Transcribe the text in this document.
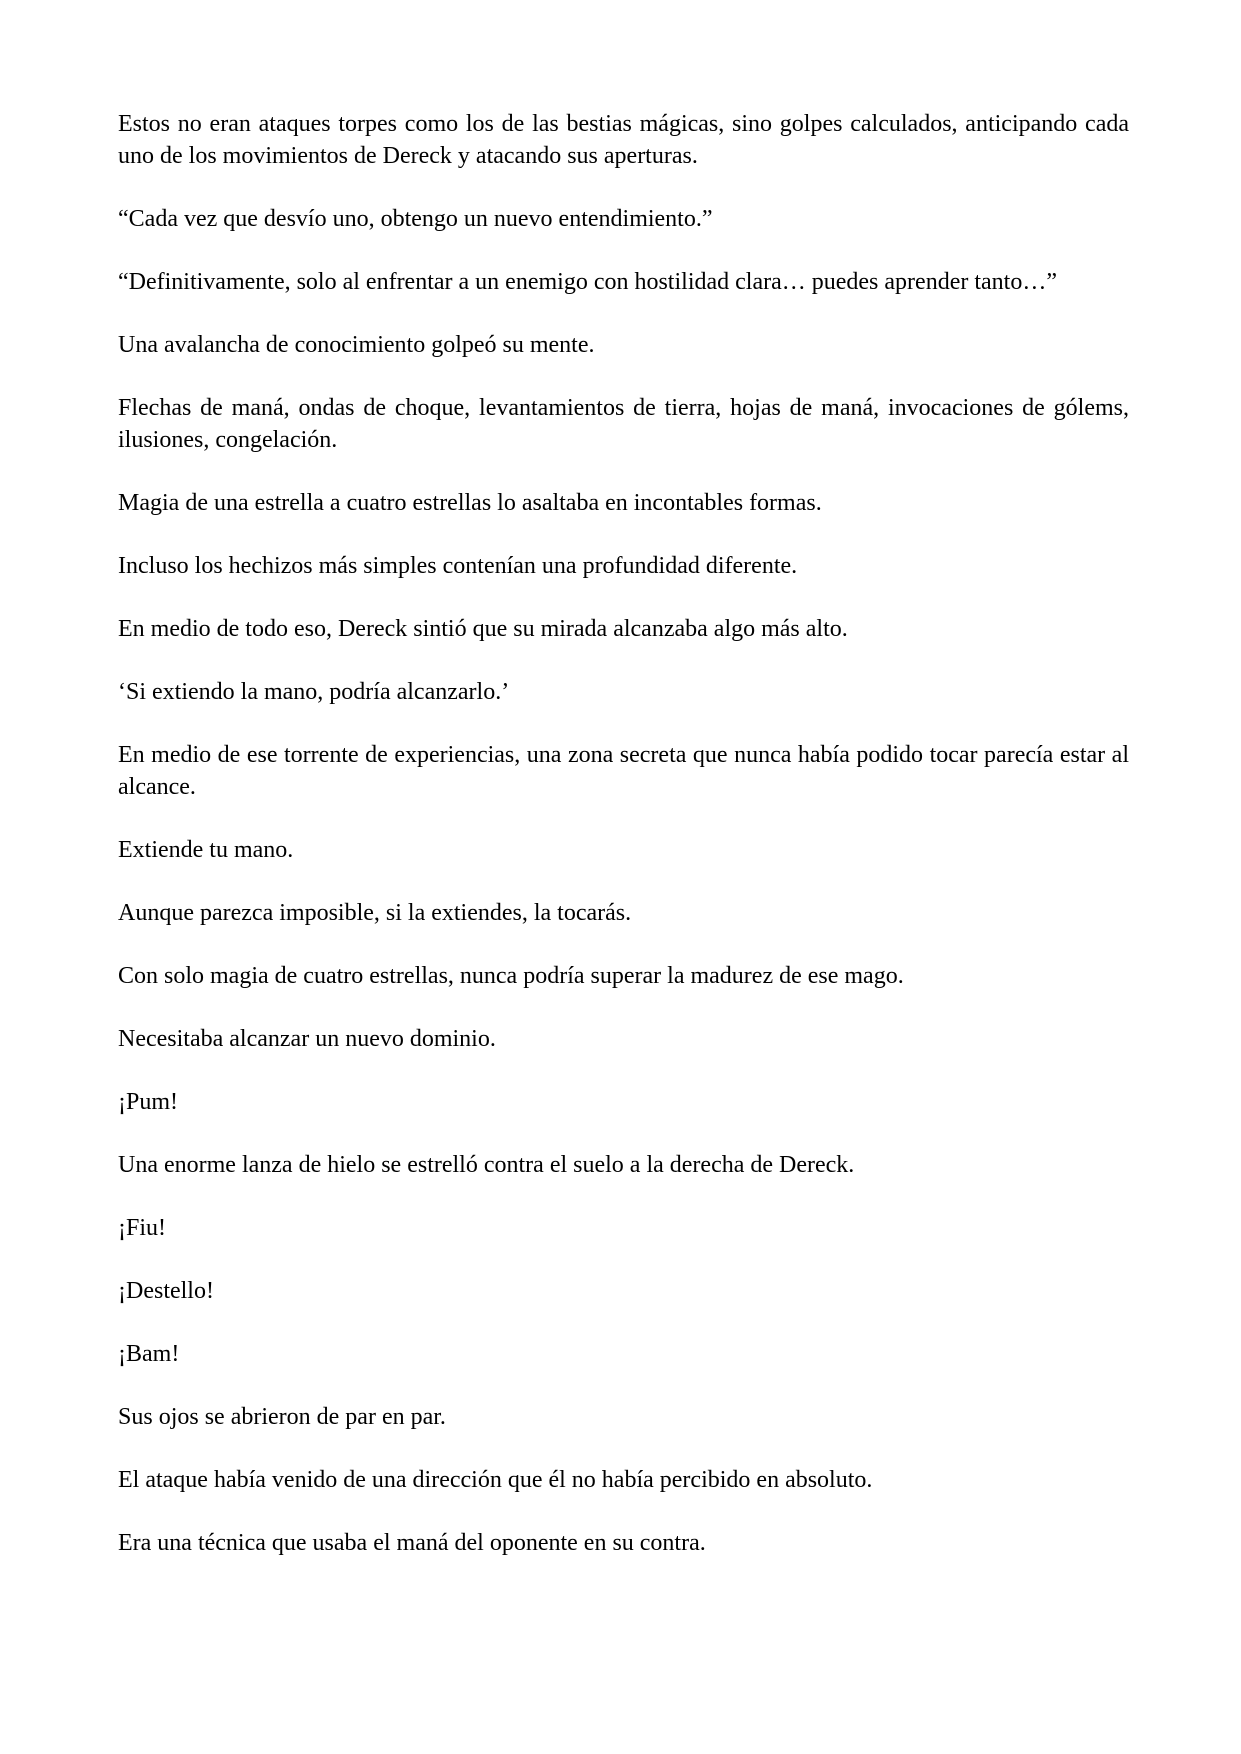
Estos no eran ataques torpes como los de las bestias mágicas, sino golpes calculados, anticipando cada uno de los movimientos de Dereck y atacando sus aperturas.

“Cada vez que desvío uno, obtengo un nuevo entendimiento.”

“Definitivamente, solo al enfrentar a un enemigo con hostilidad clara… puedes aprender tanto…”

Una avalancha de conocimiento golpeó su mente.

Flechas de maná, ondas de choque, levantamientos de tierra, hojas de maná, invocaciones de gólems, ilusiones, congelación.

Magia de una estrella a cuatro estrellas lo asaltaba en incontables formas.

Incluso los hechizos más simples contenían una profundidad diferente.

En medio de todo eso, Dereck sintió que su mirada alcanzaba algo más alto.

‘Si extiendo la mano, podría alcanzarlo.’

En medio de ese torrente de experiencias, una zona secreta que nunca había podido tocar parecía estar al alcance.

Extiende tu mano.

Aunque parezca imposible, si la extiendes, la tocarás.

Con solo magia de cuatro estrellas, nunca podría superar la madurez de ese mago.

Necesitaba alcanzar un nuevo dominio.

¡Pum!

Una enorme lanza de hielo se estrelló contra el suelo a la derecha de Dereck.

¡Fiu!

¡Destello!

¡Bam!

Sus ojos se abrieron de par en par.

El ataque había venido de una dirección que él no había percibido en absoluto.

Era una técnica que usaba el maná del oponente en su contra.
